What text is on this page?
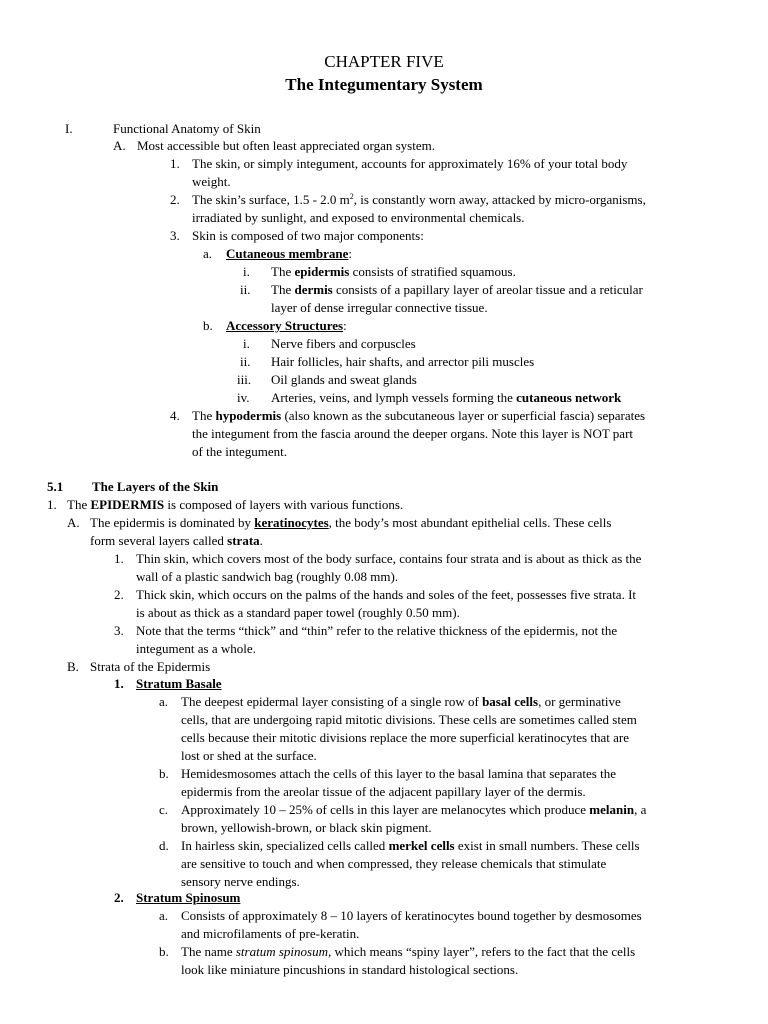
CHAPTER FIVE
The Integumentary System
I.	Functional Anatomy of Skin
A. Most accessible but often least appreciated organ system.
1. The skin, or simply integument, accounts for approximately 16% of your total body
weight.
2. The skin’s surface, 1.5 - 2.0 $m^2$, is constantly worn away, attacked by micro-organisms,
irradiated by sunlight, and exposed to environmental chemicals.
3. Skin is composed of two major components:
a. Cutaneous membrane:
i. The epidermis consists of stratified squamous.
ii. The dermis consists of a papillary layer of areolar tissue and a reticular
layer of dense irregular connective tissue.
b. Accessory Structures:
i. Nerve fibers and corpuscles
ii. Hair follicles, hair shafts, and arrector pili muscles
iii. Oil glands and sweat glands
iv. Arteries, veins, and lymph vessels forming the cutaneous network
4. The hypodermis (also known as the subcutaneous layer or superficial fascia) separates
the integument from the fascia around the deeper organs. Note this layer is NOT part
of the integument.
5.1 The Layers of the Skin
1. The EPIDERMIS is composed of layers with various functions.
A. The epidermis is dominated by keratinocytes, the body’s most abundant epithelial cells. These cells
form several layers called strata.
1. Thin skin, which covers most of the body surface, contains four strata and is about as thick as the
wall of a plastic sandwich bag (roughly 0.08 mm).
2. Thick skin, which occurs on the palms of the hands and soles of the feet, possesses five strata. It
is about as thick as a standard paper towel (roughly 0.50 mm).
3. Note that the terms “thick” and “thin” refer to the relative thickness of the epidermis, not the
integument as a whole.
B. Strata of the Epidermis
1. Stratum Basale
a. The deepest epidermal layer consisting of a single row of basal cells, or germinative
cells, that are undergoing rapid mitotic divisions. These cells are sometimes called stem
cells because their mitotic divisions replace the more superficial keratinocytes that are
lost or shed at the surface.
b. Hemidesmosomes attach the cells of this layer to the basal lamina that separates the
epidermis from the areolar tissue of the adjacent papillary layer of the dermis.
c. Approximately 10 – 25% of cells in this layer are melanocytes which produce melanin, a
brown, yellowish-brown, or black skin pigment.
d. In hairless skin, specialized cells called merkel cells exist in small numbers. These cells
are sensitive to touch and when compressed, they release chemicals that stimulate
sensory nerve endings.
2. Stratum Spinosum
a. Consists of approximately 8 – 10 layers of keratinocytes bound together by desmosomes
and microfilaments of pre-keratin.
b. The name stratum spinosum, which means “spiny layer”, refers to the fact that the cells
look like miniature pincushions in standard histological sections.
